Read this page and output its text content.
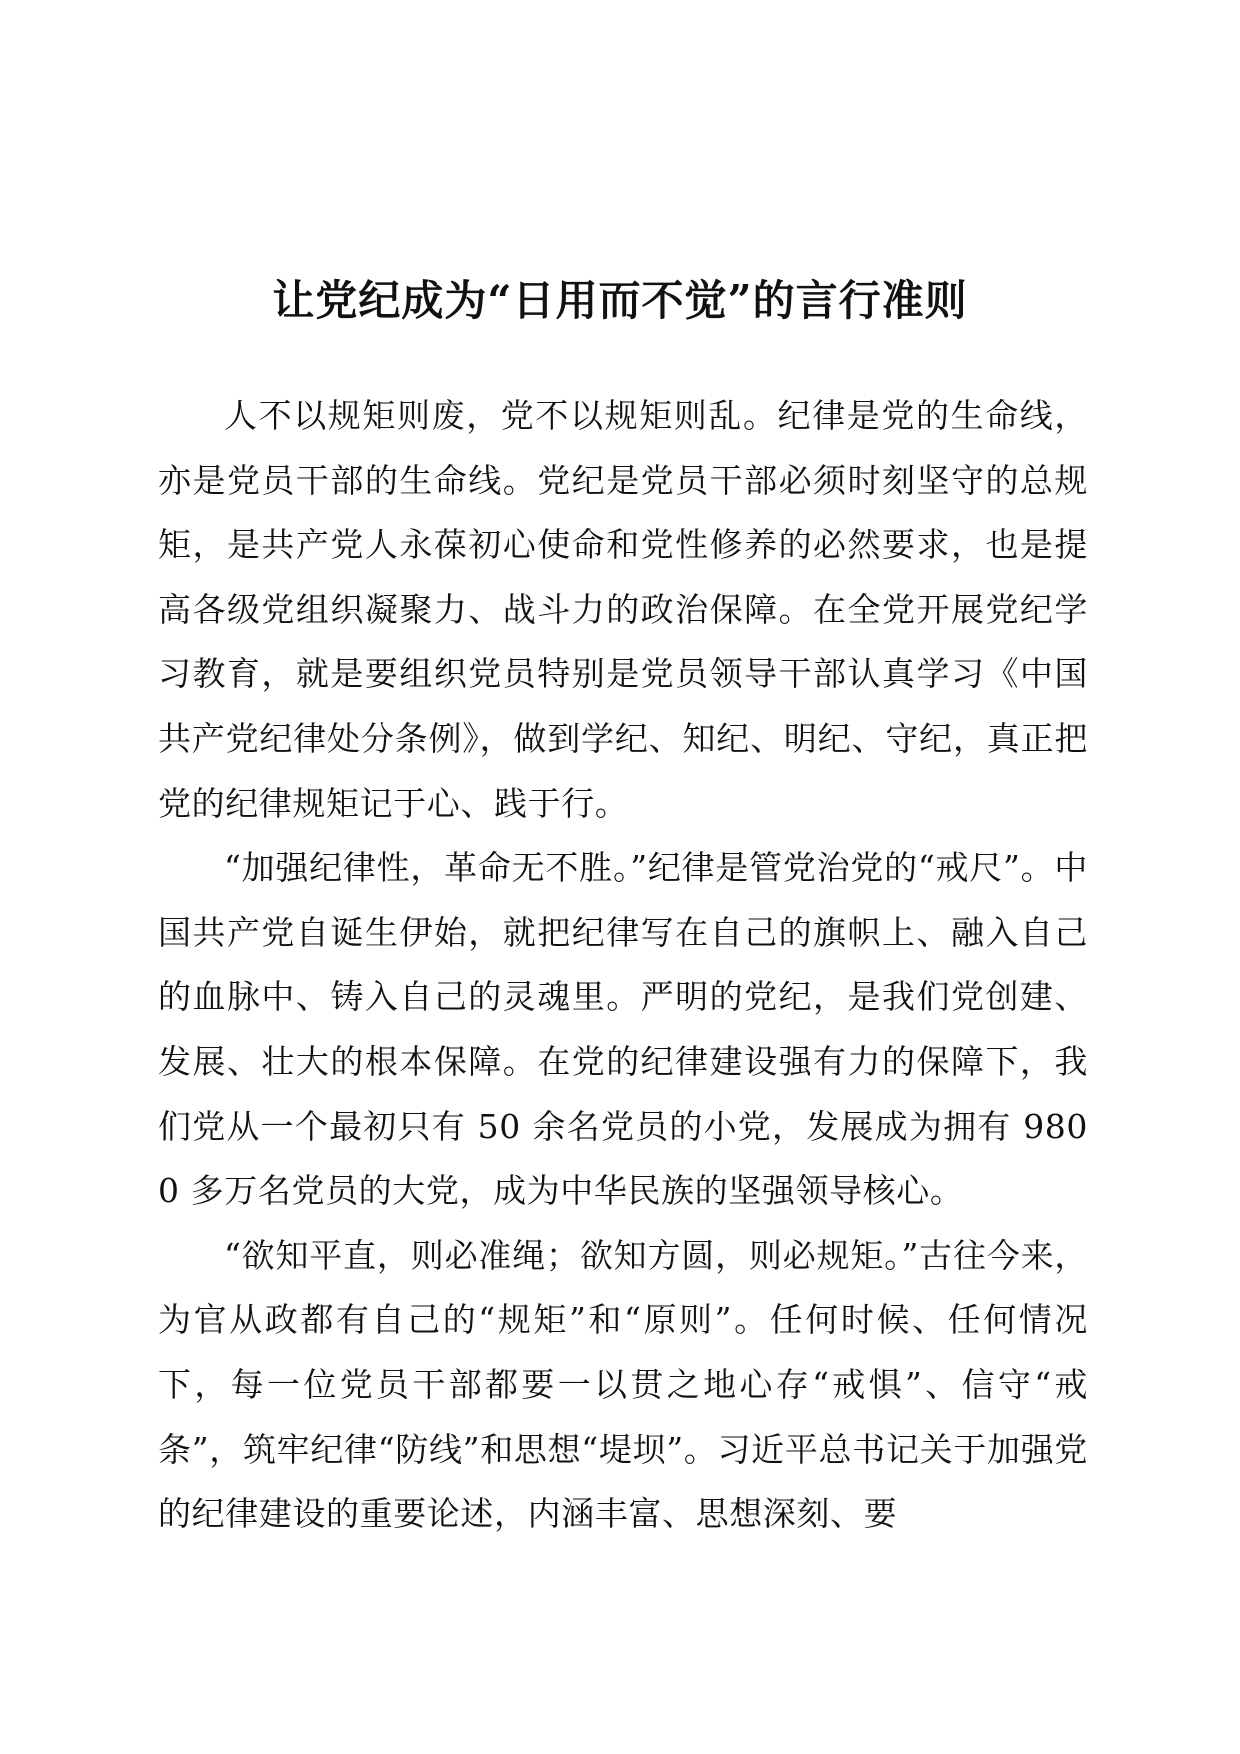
让党纪成为“日用而不觉”的言行准则

人不以规矩则废，党不以规矩则乱。纪律是党的生命线，亦是党员干部的生命线。党纪是党员干部必须时刻坚守的总规矩，是共产党人永葆初心使命和党性修养的必然要求，也是提高各级党组织凝聚力、战斗力的政治保障。在全党开展党纪学习教育，就是要组织党员特别是党员领导干部认真学习《中国共产党纪律处分条例》，做到学纪、知纪、明纪、守纪，真正把党的纪律规矩记于心、践于行。

“加强纪律性，革命无不胜。”纪律是管党治党的“戒尺”。中国共产党自诞生伊始，就把纪律写在自己的旗帜上、融入自己的血脉中、铸入自己的灵魂里。严明的党纪，是我们党创建、发展、壮大的根本保障。在党的纪律建设强有力的保障下，我们党从一个最初只有 50 余名党员的小党，发展成为拥有 9800 多万名党员的大党，成为中华民族的坚强领导核心。

“欲知平直，则必准绳；欲知方圆，则必规矩。”古往今来，为官从政都有自己的“规矩”和“原则”。任何时候、任何情况下，每一位党员干部都要一以贯之地心存“戒惧”、信守“戒条”，筑牢纪律“防线”和思想“堤坝”。习近平总书记关于加强党的纪律建设的重要论述，内涵丰富、思想深刻、要
